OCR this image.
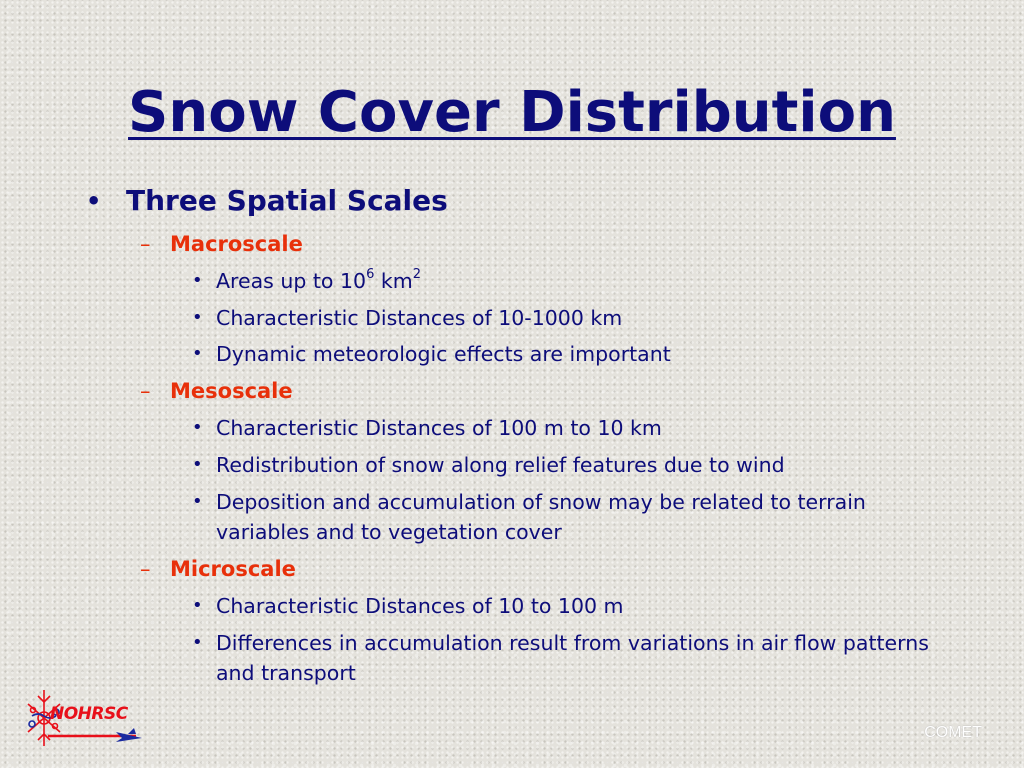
Snow Cover Distribution
• Three Spatial Scales
– Macroscale
• Areas up to $10^6$ $km^2$
• Characteristic Distances of 10-1000 km
• Dynamic meteorologic effects are important
– Mesoscale
• Characteristic Distances of 100 m to 10 km
• Redistribution of snow along relief features due to wind
• Deposition and accumulation of snow may be related to terrain variables and to vegetation cover
– Microscale
• Characteristic Distances of 10 to 100 m
• Differences in accumulation result from variations in air flow patterns and transport
NOHRSC
COMET
